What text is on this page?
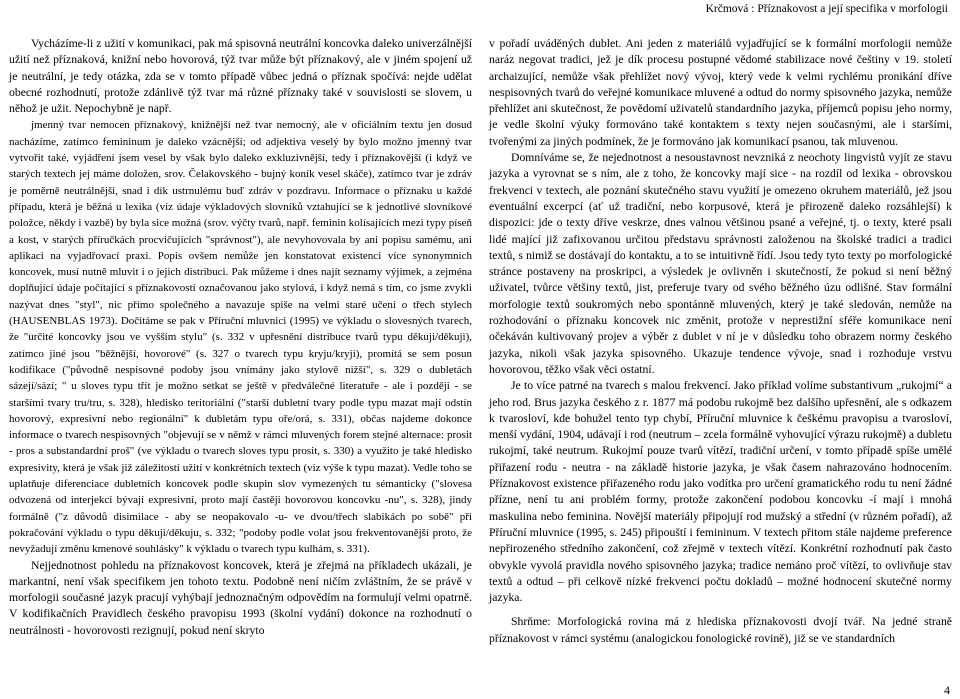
Krčmová : Příznakovost a její specifika v morfologii

Vycházíme-li z užití v komunikaci, pak má spisovná neutrální koncovka daleko univerzálnější užití než příznaková, knižní nebo hovorová, týž tvar může být příznakový, ale v jiném spojení už je neutrální, je tedy otázka, zda se v tomto případě vůbec jedná o příznak spočívá: nejde udělat obecné rozhodnutí, protože zdánlivě týž tvar má různé příznaky také v souvislosti se slovem, u něhož je užit. Nepochybně je např.

jmenný tvar nemocen příznakový, knižnější než tvar nemocný, ale v oficiálním textu jen dosud nacházíme, zatímco femininum je daleko vzácnější; od adjektiva veselý by bylo možno jmenný tvar vytvořit také, vyjádření jsem vesel by však bylo daleko exkluzivnější, tedy i příznakovější (i když ve starých textech jej máme doložen, srov. Čelakovského - bujný koník vesel skáče), zatímco tvar je zdráv je poměrně neutrálnější, snad i dík ustrnulému buď zdráv v pozdravu. Informace o příznaku u každé případu, která je běžná u lexika (viz údaje výkladových slovníků vztahující se k jednotlivé slovníkové položce, někdy i vazbě) by byla sice možná (srov. výčty tvarů, např. feminin kolísajících mezi typy píseň a kost, v starých příručkách procvičujících "správnost"), ale nevyhovovala by ani popisu samému, ani aplikaci na vyjadřovací praxi. Popis ovšem nemůže jen konstatovat existenci více synonymních koncovek, musí nutně mluvit i o jejich distribuci. Pak můžeme i dnes najít seznamy výjimek, a zejména doplňující údaje počítající s příznakovostí označovanou jako stylová, i když nemá s tím, co jsme zvykli nazývat dnes "styl", nic přímo společného a navazuje spíše na velmi staré učení o třech stylech (HAUSENBLAS 1973). Dočítáme se pak v Příruční mluvnici (1995) ve výkladu o slovesných tvarech, že "určité koncovky jsou ve vyšším stylu" (s. 332 v upřesnění distribuce tvarů typu děkuji/děkuji), zatímco jiné jsou "běžnější, hovorové" (s. 327 o tvarech typu kryju/kryji), promítá se sem posun kodifikace ("původně nespisovné podoby jsou vnímány jako stylově nižší", s. 329 o dubletách sázejí/sází; " u sloves typu třít je možno setkat se ještě v předválečné literatuře - ale i později - se staršími tvary tru/tru, s. 328), hledisko teritoriální ("starší dubletní tvary podle typu mazat mají odstín hovorový, expresivní nebo regionální" k dubletám typu oře/orá, s. 331), občas najdeme dokonce informace o tvarech nespisovných "objevují se v němž v rámci mluvených forem stejné alternace: prosit - pros a substandardní proš" (ve výkladu o tvarech sloves typu prosit, s. 330) a využito je také hledisko expresivity, která je však již záležitostí užití v konkrétních textech (viz výše k typu mazat). Vedle toho se uplatňuje diferenciace dubletních koncovek podle skupin slov vymezených tu sémanticky ("slovesa odvozená od interjekcí bývají expresivní, proto mají častěji hovorovou koncovku -nu", s. 328), jindy formálně ("z důvodů disimilace - aby se neopakovalo -u- ve dvou/třech slabikách po sobě" při pokračování výkladu o typu děkuji/děkuju, s. 332; "podoby podle volat jsou frekventovanější proto, že nevyžadují změnu kmenové souhlásky" k výkladu o tvarech typu kulhám, s. 331).

Nejjednotnost pohledu na příznakovost koncovek, která je zřejmá na příkladech ukázali, je markantní, není však specifikem jen tohoto textu. Podobně není ničím zvláštním, že se právě v morfologii současné jazyk pracují vyhýbají jednoznačným odpovědím na formulují velmi opatrně. V kodifikačních Pravidlech českého pravopisu 1993 (školní vydání) dokonce na rozhodnutí o neutrálnosti - hovorovosti rezignují, pokud není skryto

v pořadí uváděných dublet. Ani jeden z materiálů vyjadřující se k formální morfologii nemůže naráz negovat tradici, jež je dík procesu postupné vědomé stabilizace nové češtiny v 19. století archaizující, nemůže však přehlížet nový vývoj, který vede k velmi rychlému pronikání dříve nespisovných tvarů do veřejné komunikace mluvené a odtud do normy spisovného jazyka, nemůže přehlížet ani skutečnost, že povědomí uživatelů standardního jazyka, příjemců popisu jeho normy, je vedle školní výuky formováno také kontaktem s texty nejen současnými, ale i staršími, tvořenými za jiných podmínek, že je formováno jak komunikací psanou, tak mluvenou.

Domníváme se, že nejednotnost a nesoustavnost nevzniká z neochoty lingvistů vyjít ze stavu jazyka a vyrovnat se s ním, ale z toho, že koncovky mají sice - na rozdíl od lexika - obrovskou frekvenci v textech, ale poznání skutečného stavu využití je omezeno okruhem materiálů, jež jsou eventuální excerpcí (ať už tradiční, nebo korpusové, která je přirozeně daleko rozsáhlejší) k dispozici: jde o texty dříve veskrze, dnes valnou většinou psané a veřejné, tj. o texty, které psali lidé mající již zafixovanou určitou představu správnosti založenou na školské tradici a tradici textů, s nimiž se dostávají do kontaktu, a to se intuitivně řídí. Jsou tedy tyto texty po morfologické stránce postaveny na proskripci, a výsledek je ovlivněn i skutečností, že pokud si není běžný uživatel, tvůrce většiny textů, jist, preferuje tvary od svého běžného úzu odlišné. Stav formální morfologie textů soukromých nebo spontánně mluvených, který je také sledován, nemůže na rozhodování o příznaku koncovek nic změnit, protože v neprestižní sféře komunikace není očekáván kultivovaný projev a výběr z dublet v ní je v důsledku toho obrazem normy českého jazyka, nikoli však jazyka spisovného. Ukazuje tendence vývoje, snad i rozhoduje vrstvu hovorovou, těžko však věci ostatní.

Je to více patrné na tvarech s malou frekvencí. Jako příklad volíme substantivum „rukojmí“ a jeho rod. Brus jazyka českého z r. 1877 má podobu rukojmě bez dalšího upřesnění, ale s odkazem k tvarosloví, kde bohužel tento typ chybí, Příruční mluvnice k češkému pravopisu a tvarosloví, menší vydání, 1904, udávají i rod (neutrum – zcela formálně vyhovující výrazu rukojmě) a dubletu rukojmí, také neutrum. Rukojmí pouze tvarů vítězí, tradiční určení, v tomto případě spíše umělé přiřazení rodu - neutra - na základě historie jazyka, je však časem nahrazováno hodnocením. Příznakovost existence přiřazeného rodu jako vodítka pro určení gramatického rodu tu není žádné přízne, není tu ani problém formy, protože zakončení podobou koncovku -í mají i mnohá maskulina nebo feminina. Novější materiály připojují rod mužský a střední (v různém pořadí), až Příruční mluvnice (1995, s. 245) připouští i femininum. V textech přitom stále najdeme preference nepřirozeného středního zakončení, což zřejmě v textech vítězí. Konkrétní rozhodnutí pak často obvykle vyvolá pravidla nového spisovného jazyka; tradice nemáno proč vítězí, to ovlivňuje stav textů a odtud – při celkově nízké frekvenci počtu dokladů – možné hodnocení skutečné normy jazyka.

Shrňme: Morfologická rovina má z hlediska příznakovosti dvojí tvář. Na jedné straně příznakovost v rámci systému (analogickou fonologické rovině), již se ve standardních

4
